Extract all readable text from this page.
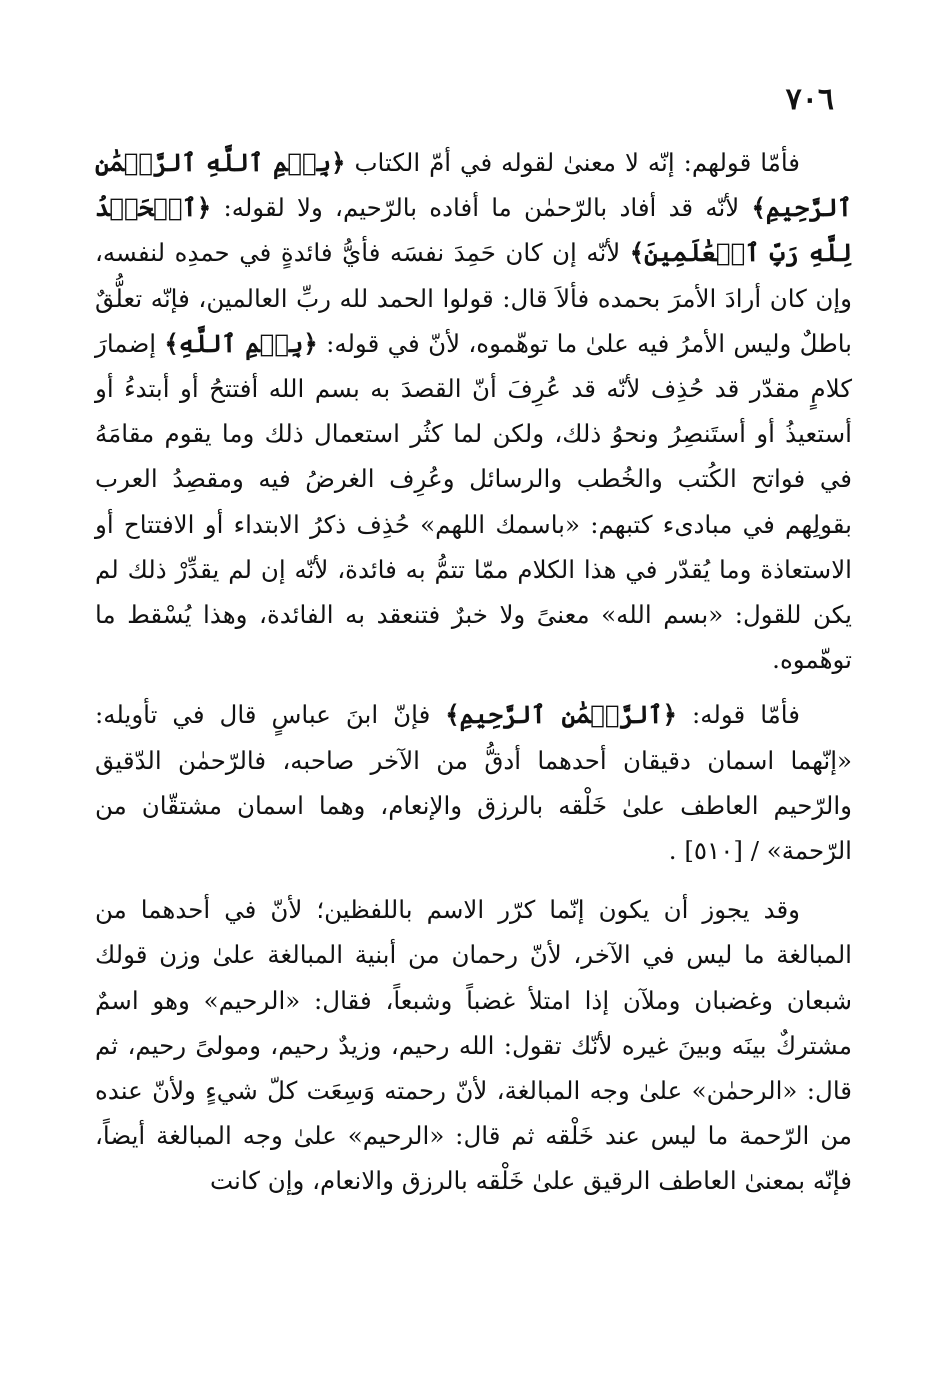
٧٠٦

فأمّا قولهم: إنّه لا معنىٰ لقوله في أمّ الكتاب ﴿بِسۡمِ ٱللَّهِ ٱلرَّحۡمَٰنِ ٱلرَّحِيمِ﴾ لأنّه قد أفاد بالرّحمٰن ما أفاده بالرّحيم، ولا لقوله: ﴿ٱلۡحَمۡدُ لِلَّهِ رَبِّ ٱلۡعَٰلَمِينَ﴾ لأنّه إن كان حَمِدَ نفسَه فأيُّ فائدةٍ في حمدِه لنفسه، وإن كان أرادَ الأمرَ بحمده فألاَ قال: قولوا الحمد لله ربِّ العالمين، فإنّه تعلُّقٌ باطلٌ وليس الأمرُ فيه علىٰ ما توهّموه، لأنّ في قوله: ﴿بِسۡمِ ٱللَّهِ﴾ إضمارَ كلامٍ مقدّر قد حُذِف لأنّه قد عُرِفَ أنّ القصدَ به بسم الله أفتتحُ أو أبتدءُ أو أستعيذُ أو أستَنصِرُ ونحوُ ذلك، ولكن لما كثُر استعمال ذلك وما يقوم مقامَهُ في فواتح الكُتب والخُطب والرسائل وعُرِف الغرضُ فيه ومقصِدُ العرب بقولِهم في مبادىء كتبهم: «باسمك اللهم» حُذِف ذكرُ الابتداء أو الافتتاح أو الاستعاذة وما يُقدّر في هذا الكلام ممّا تتمُّ به فائدة، لأنّه إن لم يقدِّرْ ذلك لم يكن للقول: «بسم الله» معنىً ولا خبرٌ فتنعقد به الفائدة، وهذا يُسْقط ما توهّموه.

فأمّا قوله: ﴿ٱلرَّحۡمَٰنِ ٱلرَّحِيمِ﴾ فإنّ ابنَ عباسٍ قال في تأويله: «إنّهما اسمان دقيقان أحدهما أدقُّ من الآخر صاحبه، فالرّحمٰن الدّقيق والرّحيم العاطف علىٰ خَلْقه بالرزق والإنعام، وهما اسمان مشتقّان من الرّحمة» / [٥١٠] .

وقد يجوز أن يكون إنّما كرّر الاسم باللفظين؛ لأنّ في أحدهما من المبالغة ما ليس في الآخر، لأنّ رحمان من أبنية المبالغة علىٰ وزن قولك شبعان وغضبان وملآن إذا امتلأ غضباً وشبعاً، فقال: «الرحيم» وهو اسمٌ مشتركٌ بينَه وبينَ غيره لأنّك تقول: الله رحيم، وزيدٌ رحيم، ومولىً رحيم، ثم قال: «الرحمٰن» علىٰ وجه المبالغة، لأنّ رحمته وَسِعَت كلّ شيءٍ ولأنّ عنده من الرّحمة ما ليس عند خَلْقه ثم قال: «الرحيم» علىٰ وجه المبالغة أيضاً، فإنّه بمعنىٰ العاطف الرقيق علىٰ خَلْقه بالرزق والانعام، وإن كانت
